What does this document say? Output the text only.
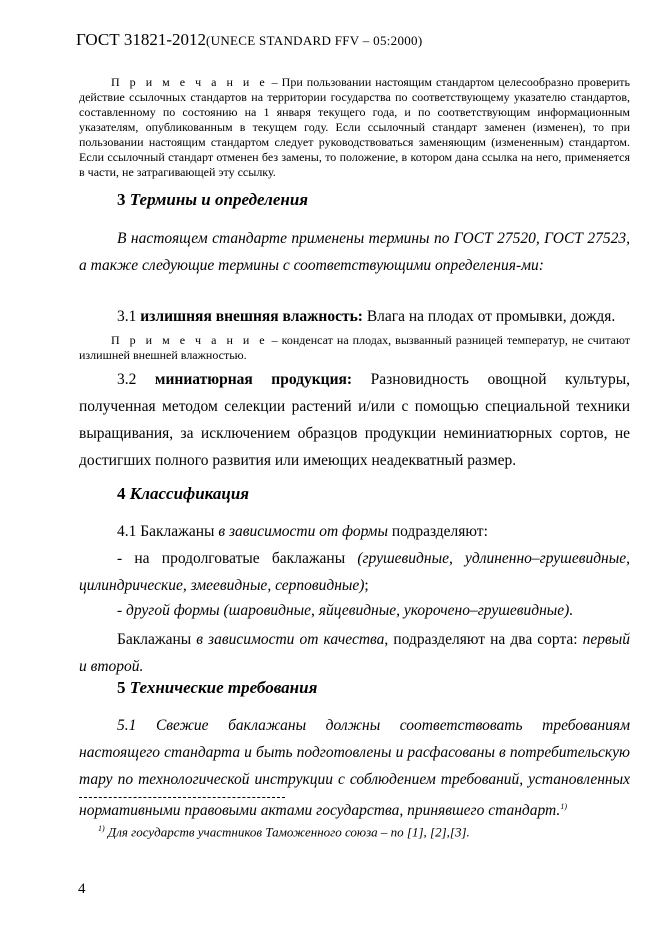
ГОСТ 31821-2012(UNECE STANDARD FFV – 05:2000)
П р и м е ч а н и е – При пользовании настоящим стандартом целесообразно проверить действие ссылочных стандартов на территории государства по соответствующему указателю стандартов, составленному по состоянию на 1 января текущего года, и по соответствующим информационным указателям, опубликованным в текущем году. Если ссылочный стандарт заменен (изменен), то при пользовании настоящим стандартом следует руководствоваться заменяющим (измененным) стандартом. Если ссылочный стандарт отменен без замены, то положение, в котором дана ссылка на него, применяется в части, не затрагивающей эту ссылку.
3 Термины и определения
В настоящем стандарте применены термины по ГОСТ 27520, ГОСТ 27523, а также следующие термины с соответствующими определения-ми:
3.1 излишняя внешняя влажность: Влага на плодах от промывки, дождя.
П р и м е ч а н и е – конденсат на плодах, вызванный разницей температур, не считают излишней внешней влажностью.
3.2 миниатюрная продукция: Разновидность овощной культуры, полученная методом селекции растений и/или с помощью специальной техники выращивания, за исключением образцов продукции неминиатюрных сортов, не достигших полного развития или имеющих неадекватный размер.
4 Классификация
4.1 Баклажаны в зависимости от формы подразделяют:
- на продолговатые баклажаны (грушевидные, удлиненно–грушевидные, цилиндрические, змеевидные, серповидные);
- другой формы (шаровидные, яйцевидные, укорочено–грушевидные).
Баклажаны в зависимости от качества, подразделяют на два сорта: первый и второй.
5 Технические требования
5.1 Свежие баклажаны должны соответствовать требованиям настоящего стандарта и быть подготовлены и расфасованы в потребительскую тару по технологической инструкции с соблюдением требований, установленных нормативными правовыми актами государства, принявшего стандарт.$^{1)}$
$^{1)}$ Для государств участников Таможенного союза – по [1], [2],[3].
4
